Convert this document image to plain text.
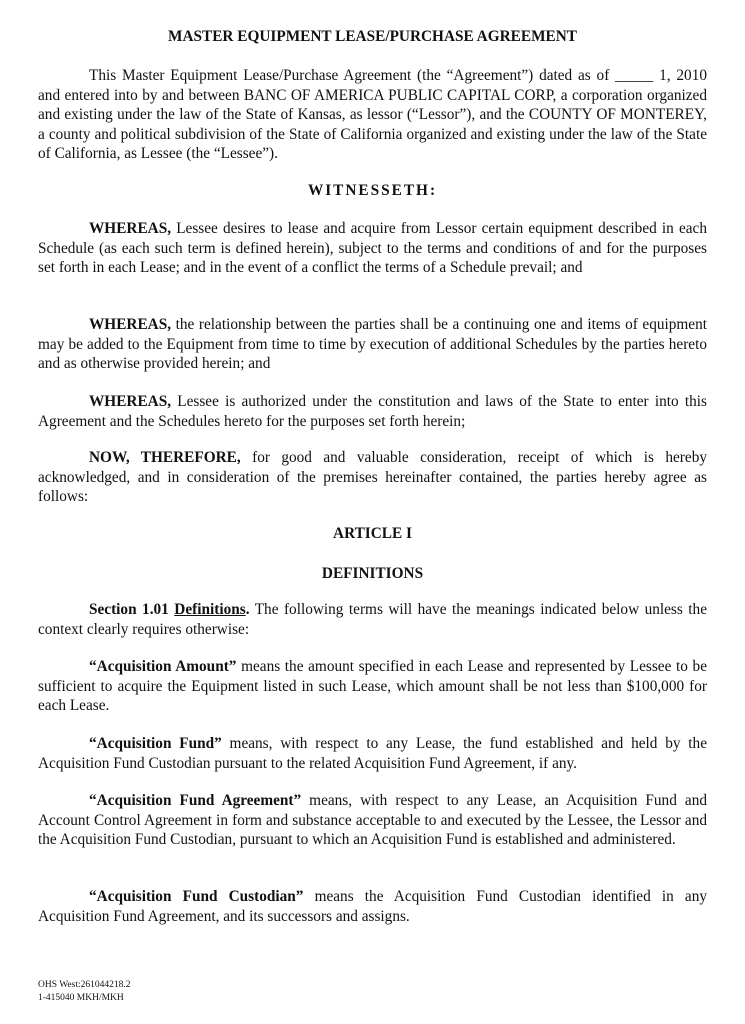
MASTER EQUIPMENT LEASE/PURCHASE AGREEMENT

This Master Equipment Lease/Purchase Agreement (the “Agreement”) dated as of _____ 1, 2010 and entered into by and between BANC OF AMERICA PUBLIC CAPITAL CORP, a corporation organized and existing under the law of the State of Kansas, as lessor (“Lessor”), and the COUNTY OF MONTEREY, a county and political subdivision of the State of California organized and existing under the law of the State of California, as Lessee (the “Lessee”).

WITNESSETH:

WHEREAS, Lessee desires to lease and acquire from Lessor certain equipment described in each Schedule (as each such term is defined herein), subject to the terms and conditions of and for the purposes set forth in each Lease; and in the event of a conflict the terms of a Schedule prevail; and

WHEREAS, the relationship between the parties shall be a continuing one and items of equipment may be added to the Equipment from time to time by execution of additional Schedules by the parties hereto and as otherwise provided herein; and

WHEREAS, Lessee is authorized under the constitution and laws of the State to enter into this Agreement and the Schedules hereto for the purposes set forth herein;

NOW, THEREFORE, for good and valuable consideration, receipt of which is hereby acknowledged, and in consideration of the premises hereinafter contained, the parties hereby agree as follows:

ARTICLE I
DEFINITIONS

Section 1.01 Definitions. The following terms will have the meanings indicated below unless the context clearly requires otherwise:

“Acquisition Amount” means the amount specified in each Lease and represented by Lessee to be sufficient to acquire the Equipment listed in such Lease, which amount shall be not less than $100,000 for each Lease.

“Acquisition Fund” means, with respect to any Lease, the fund established and held by the Acquisition Fund Custodian pursuant to the related Acquisition Fund Agreement, if any.

“Acquisition Fund Agreement” means, with respect to any Lease, an Acquisition Fund and Account Control Agreement in form and substance acceptable to and executed by the Lessee, the Lessor and the Acquisition Fund Custodian, pursuant to which an Acquisition Fund is established and administered.

“Acquisition Fund Custodian” means the Acquisition Fund Custodian identified in any Acquisition Fund Agreement, and its successors and assigns.

OHS West:261044218.2

1-415040 MKH/MKH
